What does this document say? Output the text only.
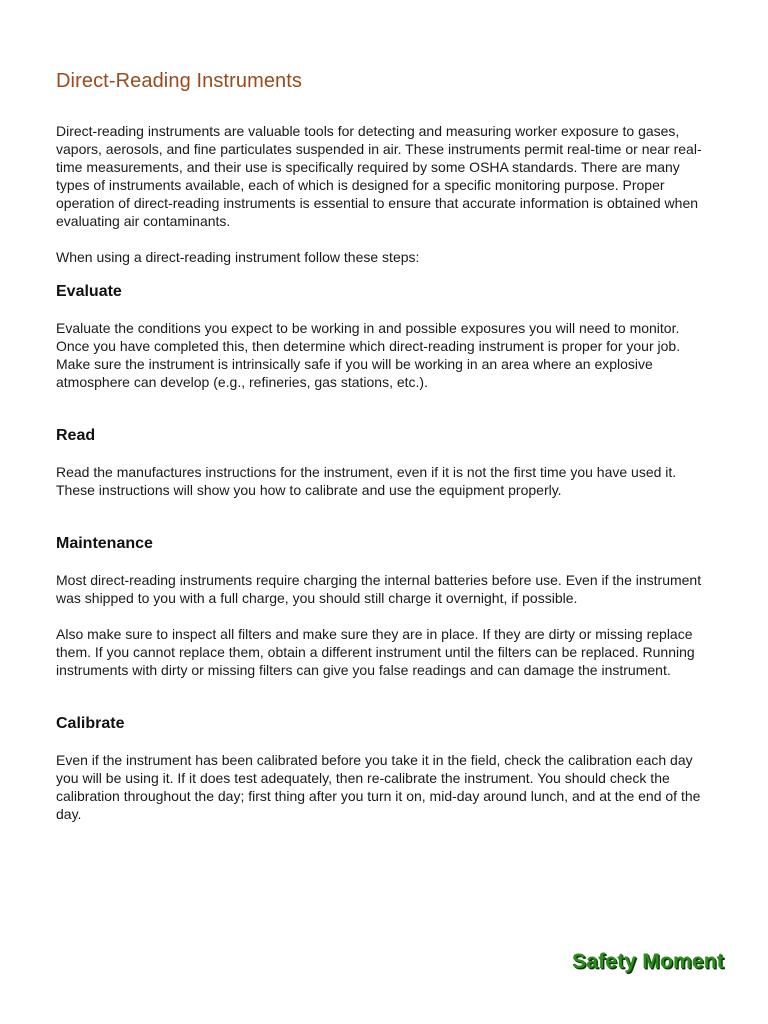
Direct-Reading Instruments

Direct-reading instruments are valuable tools for detecting and measuring worker exposure to gases, vapors, aerosols, and fine particulates suspended in air. These instruments permit real-time or near real-time measurements, and their use is specifically required by some OSHA standards. There are many types of instruments available, each of which is designed for a specific monitoring purpose. Proper operation of direct-reading instruments is essential to ensure that accurate information is obtained when evaluating air contaminants.

When using a direct-reading instrument follow these steps:

Evaluate

Evaluate the conditions you expect to be working in and possible exposures you will need to monitor. Once you have completed this, then determine which direct-reading instrument is proper for your job. Make sure the instrument is intrinsically safe if you will be working in an area where an explosive atmosphere can develop (e.g., refineries, gas stations, etc.).

Read

Read the manufactures instructions for the instrument, even if it is not the first time you have used it. These instructions will show you how to calibrate and use the equipment properly.

Maintenance

Most direct-reading instruments require charging the internal batteries before use. Even if the instrument was shipped to you with a full charge, you should still charge it overnight, if possible.

Also make sure to inspect all filters and make sure they are in place. If they are dirty or missing replace them. If you cannot replace them, obtain a different instrument until the filters can be replaced. Running instruments with dirty or missing filters can give you false readings and can damage the instrument.

Calibrate

Even if the instrument has been calibrated before you take it in the field, check the calibration each day you will be using it. If it does test adequately, then re-calibrate the instrument. You should check the calibration throughout the day; first thing after you turn it on, mid-day around lunch, and at the end of the day.

Safety Moment
